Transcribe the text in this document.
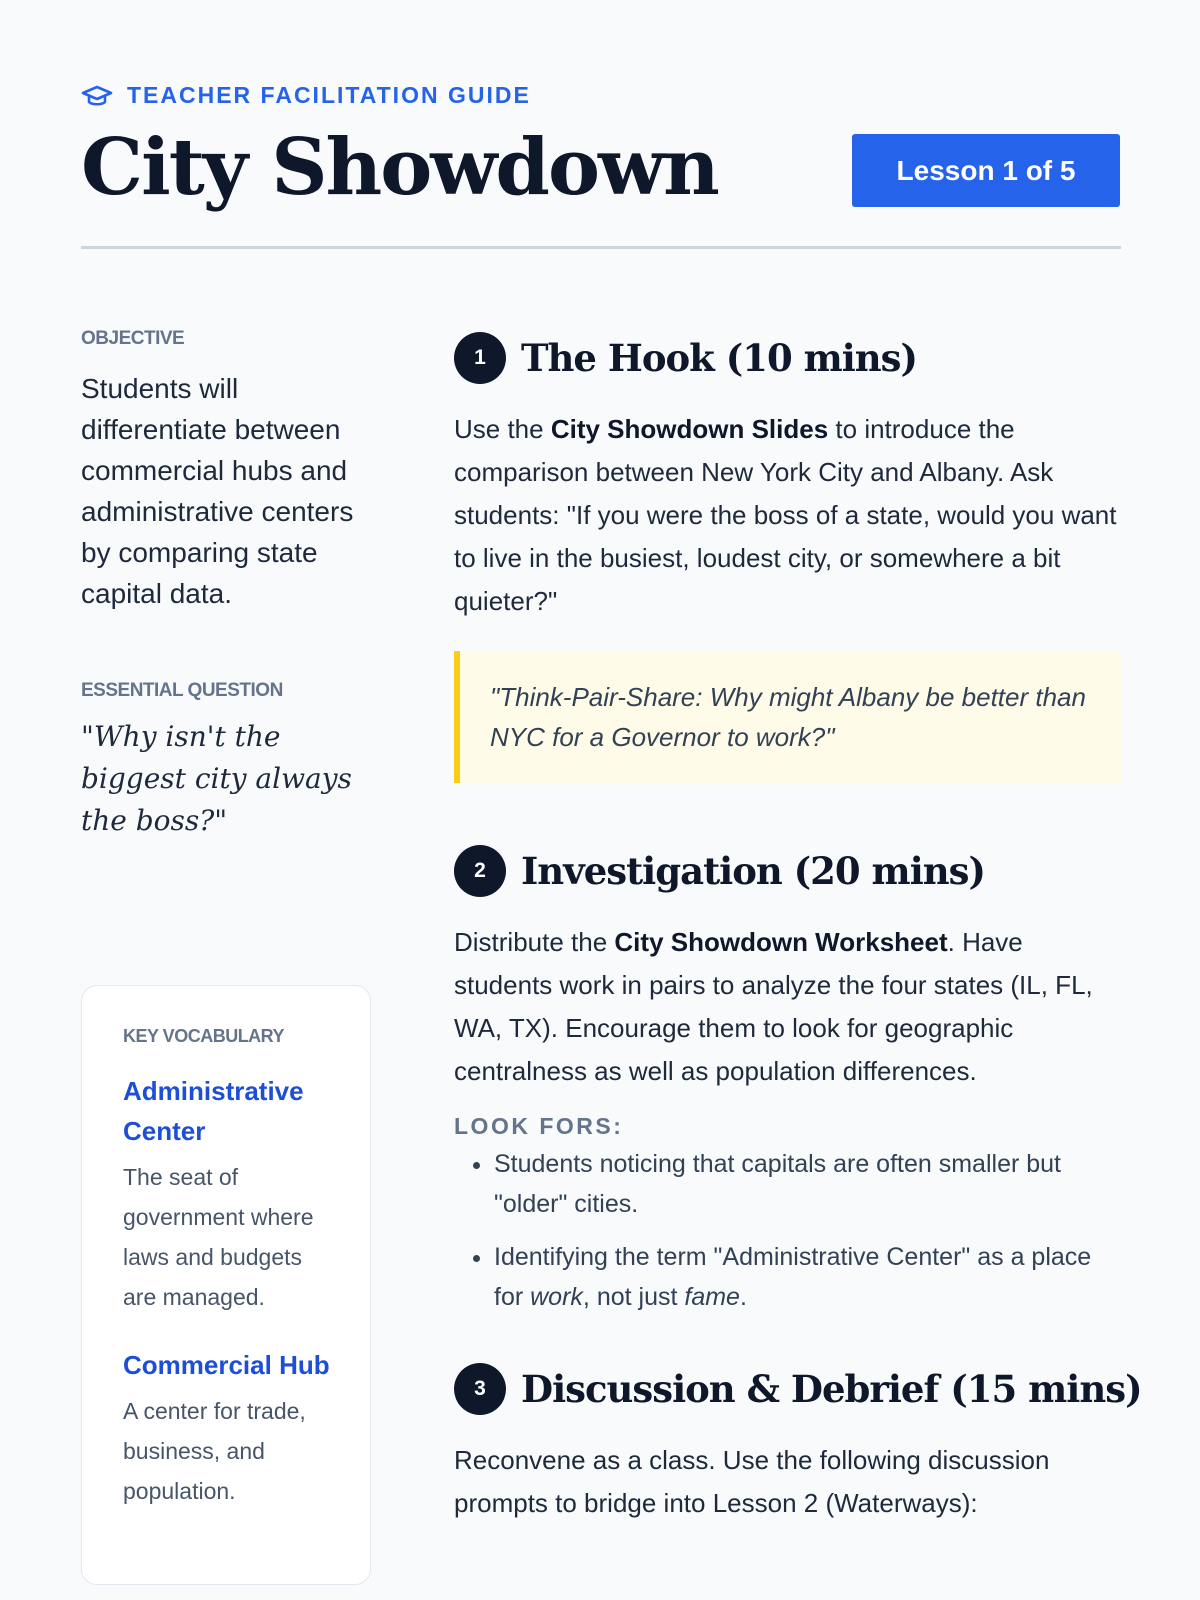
TEACHER FACILITATION GUIDE
City Showdown	Lesson 1 of 5
OBJECTIVE
Students will differentiate between commercial hubs and administrative centers by comparing state capital data.
ESSENTIAL QUESTION
"Why isn't the biggest city always the boss?"
KEY VOCABULARY
Administrative Center
The seat of government where laws and budgets are managed.
Commercial Hub
A center for trade, business, and population.
1 The Hook (10 mins)
Use the City Showdown Slides to introduce the comparison between New York City and Albany. Ask students: "If you were the boss of a state, would you want to live in the busiest, loudest city, or somewhere a bit quieter?"
"Think-Pair-Share: Why might Albany be better than NYC for a Governor to work?"
2 Investigation (20 mins)
Distribute the City Showdown Worksheet. Have students work in pairs to analyze the four states (IL, FL, WA, TX). Encourage them to look for geographic centralness as well as population differences.
LOOK FORS:
• Students noticing that capitals are often smaller but "older" cities.
• Identifying the term "Administrative Center" as a place for work, not just fame.
3 Discussion & Debrief (15 mins)
Reconvene as a class. Use the following discussion prompts to bridge into Lesson 2 (Waterways):
